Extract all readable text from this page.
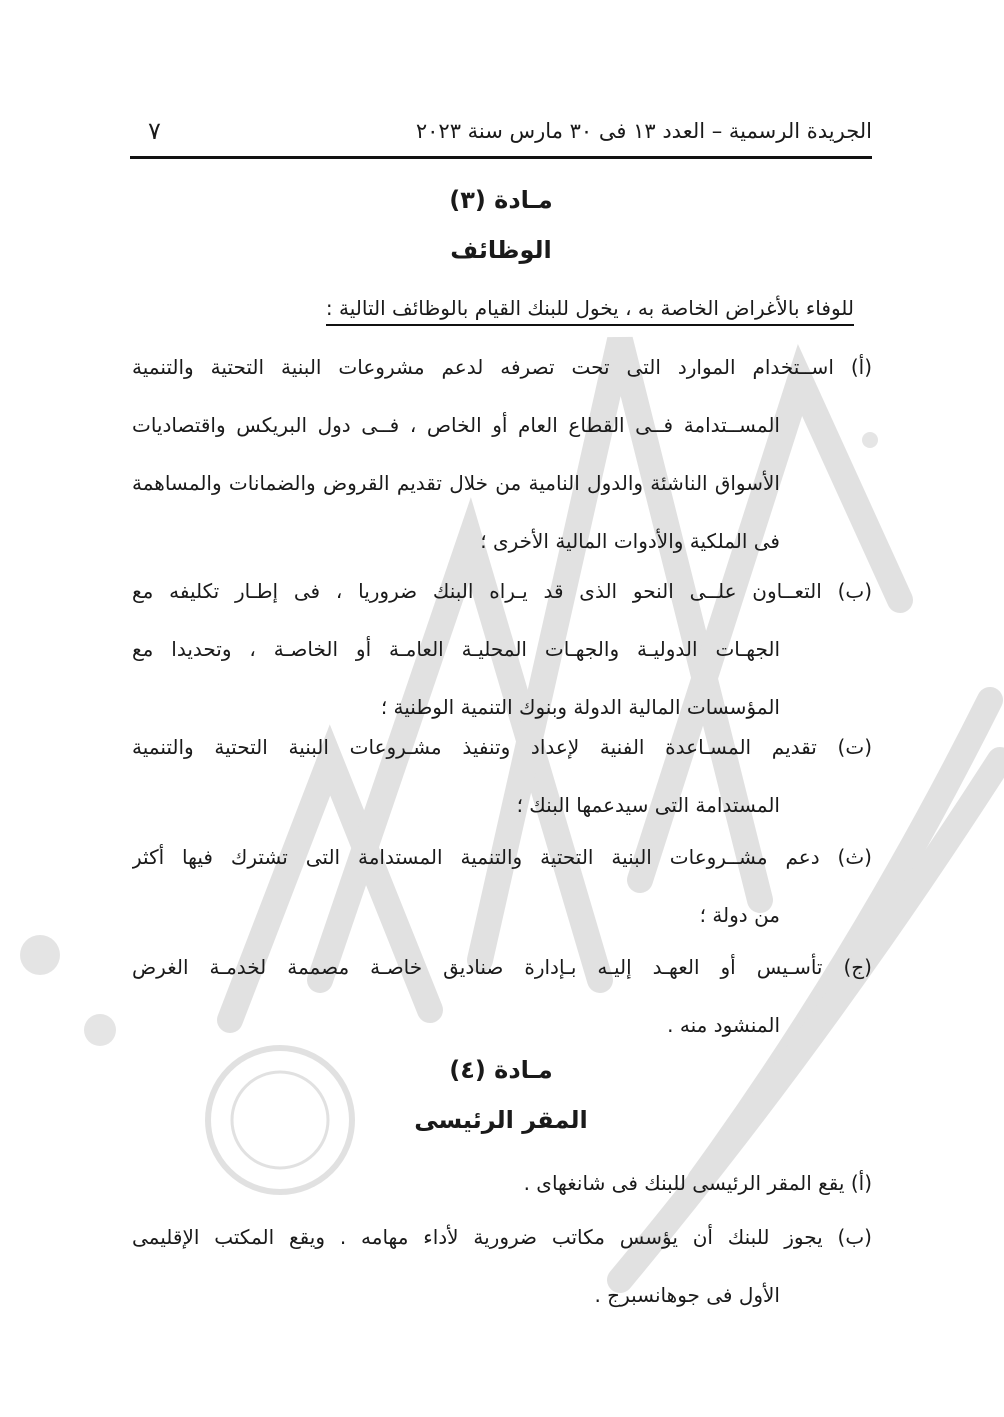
الجريدة الرسمية – العدد ١٣ فى ٣٠ مارس سنة ٢٠٢٣
٧
مـادة (٣)
الوظائف
للوفاء بالأغراض الخاصة به ، يخول للبنك القيام بالوظائف التالية :
(أ) اســتخدام الموارد التى تحت تصرفه لدعم مشروعات البنية التحتية والتنمية
المســتدامة فــى القطاع العام أو الخاص ، فــى دول البريكس واقتصاديات
الأسواق الناشئة والدول النامية من خلال تقديم القروض والضمانات والمساهمة
فى الملكية والأدوات المالية الأخرى ؛
(ب) التعــاون علــى النحو الذى قد يـراه البنك ضروريا ، فى إطـار تكليفه مع
الجهـات الدوليـة والجهـات المحليـة العامـة أو الخاصـة ، وتحديدا مع
المؤسسات المالية الدولة وبنوك التنمية الوطنية ؛
(ت) تقديم المسـاعدة الفنية لإعداد وتنفيذ مشـروعات البنية التحتية والتنمية
المستدامة التى سيدعمها البنك ؛
(ث) دعم مشــروعات البنية التحتية والتنمية المستدامة التى تشترك فيها أكثر
من دولة ؛
(ج) تأسـيس أو العهـد إليـه بـإدارة صناديق خاصـة مصممة لخدمـة الغرض
المنشود منه .
مـادة (٤)
المقر الرئيسى
(أ) يقع المقر الرئيسى للبنك فى شانغهاى .
(ب) يجوز للبنك أن يؤسس مكاتب ضرورية لأداء مهامه . ويقع المكتب الإقليمى
الأول فى جوهانسبرج .
